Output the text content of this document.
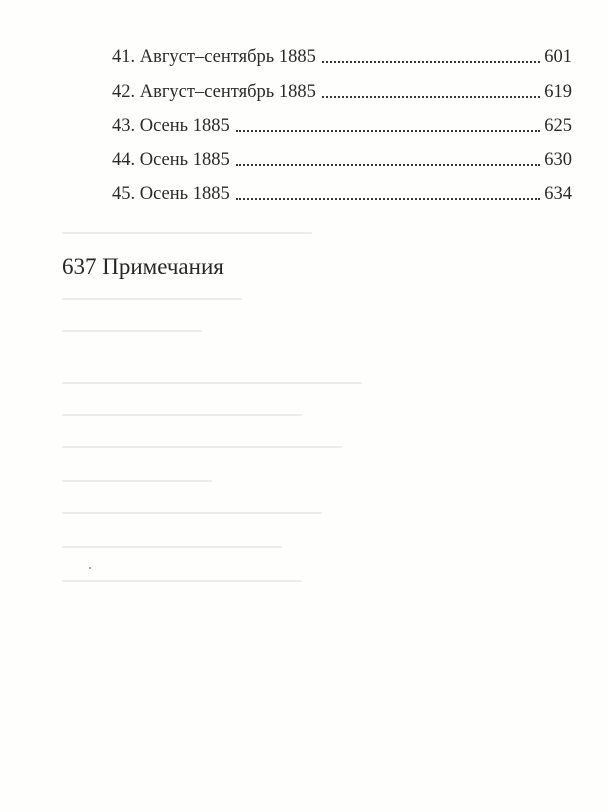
41. Август–сентябрь 1885	601
42. Август–сентябрь 1885	619
43. Осень 1885	625
44. Осень 1885	630
45. Осень 1885	634
637 Примечания
